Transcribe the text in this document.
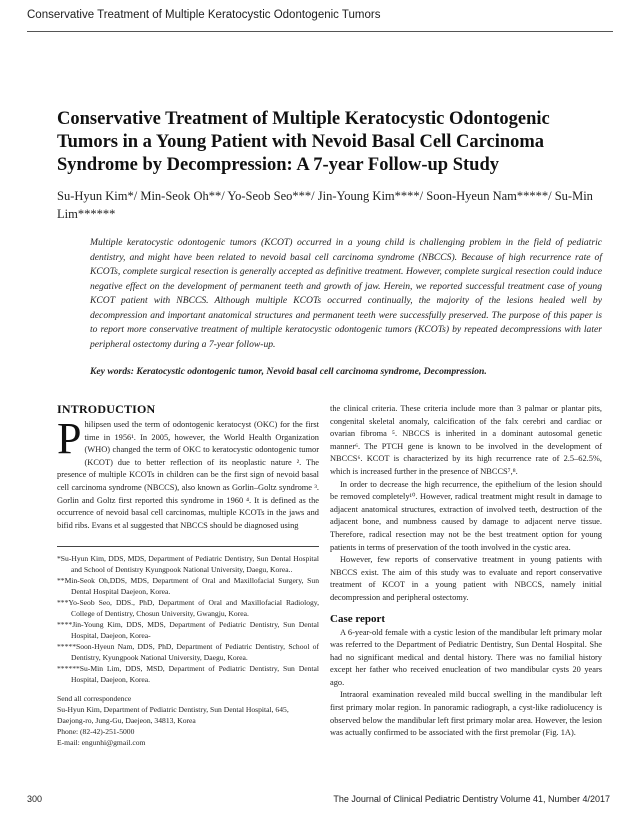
Conservative Treatment of Multiple Keratocystic Odontogenic Tumors
Conservative Treatment of Multiple Keratocystic Odontogenic Tumors in a Young Patient with Nevoid Basal Cell Carcinoma Syndrome by Decompression: A 7-year Follow-up Study

Su-Hyun Kim*/ Min-Seok Oh**/ Yo-Seob Seo***/ Jin-Young Kim****/ Soon-Hyeun Nam*****/ Su-Min Lim******

Multiple keratocystic odontogenic tumors (KCOT) occurred in a young child is challenging problem in the field of pediatric dentistry, and might have been related to nevoid basal cell carcinoma syndrome (NBCCS). Because of high recurrence rate of KCOTs, complete surgical resection is generally accepted as definitive treatment. However, complete surgical resection could induce negative effect on the development of permanent teeth and growth of jaw. Herein, we reported successful treatment case of young KCOT patient with NBCCS. Although multiple KCOTs occurred continually, the majority of the lesions healed well by decompression and important anatomical structures and permanent teeth were successfully preserved. The purpose of this paper is to report more conservative treatment of multiple keratocystic odontogenic tumors (KCOTs) by repeated decompressions with later peripheral ostectomy during a 7-year follow-up.

Key words: Keratocystic odontogenic tumor, Nevoid basal cell carcinoma syndrome, Decompression.

INTRODUCTION

Philipsen used the term of odontogenic keratocyst (OKC) for the first time in 1956¹. In 2005, however, the World Health Organization (WHO) changed the term of OKC to keratocystic odontogenic tumor (KCOT) due to better reflection of its neoplastic nature ². The presence of multiple KCOTs in children can be the first sign of nevoid basal cell carcinoma syndrome (NBCCS), also known as Gorlin–Goltz syndrome ³. Gorlin and Goltz first reported this syndrome in 1960 ⁴. It is defined as the occurrence of nevoid basal cell carcinomas, multiple KCOTs in the jaws and bifid ribs. Evans et al suggested that NBCCS should be diagnosed using

*Su-Hyun Kim, DDS, MDS, Department of Pediatric Dentistry, Sun Dental Hospital and School of Dentistry Kyungpook National University, Daegu, Korea..
**Min-Seok Oh,DDS, MDS, Department of Oral and Maxillofacial Surgery, Sun Dental Hospital Daejeon, Korea.
***Yo-Seob Seo, DDS., PhD, Department of Oral and Maxillofacial Radiology, College of Dentistry, Chosun University, Gwangju, Korea.
****Jin-Young Kim, DDS, MDS, Department of Pediatric Dentistry, Sun Dental Hospital, Daejeon, Korea-
*****Soon-Hyeun Nam, DDS, PhD, Department of Pediatric Dentistry, School of Dentistry, Kyungpook National University, Daegu, Korea.
******Su-Min Lim, DDS, MSD, Department of Pediatric Dentistry, Sun Dental Hospital, Daejeon, Korea.
Send all correspondence
Su-Hyun Kim, Department of Pediatric Dentistry, Sun Dental Hospital, 645,
Daejong-ro, Jung-Gu, Daejeon, 34813, Korea
Phone: (82-42)-251-5000
E-mail: engunhi@gmail.com

the clinical criteria. These criteria include more than 3 palmar or plantar pits, congenital skeletal anomaly, calcification of the falx cerebri and cardiac or ovarian fibroma ⁵. NBCCS is inherited in a dominant autosomal genetic manner⁶. The PTCH gene is known to be involved in the development of NBCCS⁶. KCOT is characterized by its high recurrence rate of 2.5–62.5%, which is increased further in the presence of NBCCS⁷,⁸.

In order to decrease the high recurrence, the epithelium of the lesion should be removed completely¹⁰. However, radical treatment might result in damage to adjacent anatomical structures, extraction of involved teeth, destruction of the adjacent bone, and numbness caused by damage to adjacent nerve tissue. Therefore, radical resection may not be the best treatment option for young patients in terms of preservation of the tooth involved in the cystic area.

However, few reports of conservative treatment in young patients with NBCCS exist. The aim of this study was to evaluate and report conservative treatment of KCOT in a young patient with NBCCS, namely initial decompression and peripheral ostectomy.

Case report

A 6-year-old female with a cystic lesion of the mandibular left primary molar was referred to the Department of Pediatric Dentistry, Sun Dental Hospital. She had no significant medical and dental history. There was no familial history except her father who received enucleation of two mandibular cysts 20 years ago.

Intraoral examination revealed mild buccal swelling in the mandibular left first primary molar region. In panoramic radiograph, a cyst-like radiolucency is observed below the mandibular left first primary molar area. However, the lesion was actually confirmed to be associated with the first premolar (Fig. 1A).

300	The Journal of Clinical Pediatric Dentistry Volume 41, Number 4/2017
